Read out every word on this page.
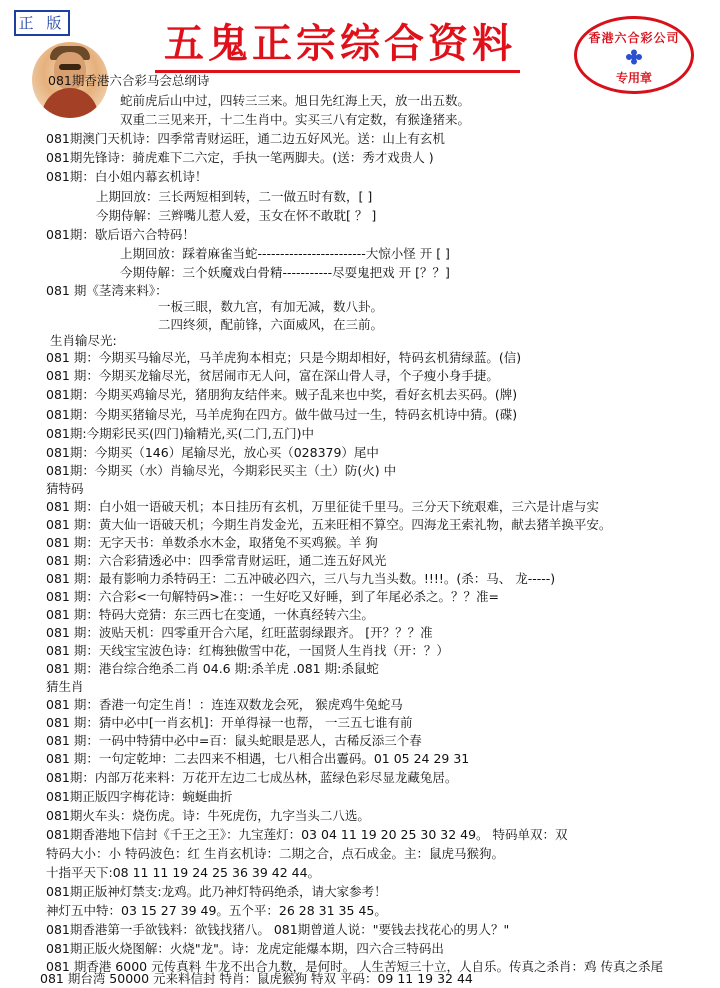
正 版	五鬼正宗综合资料	香港六合彩公司
专用章
081期香港六合彩马会总纲诗
蛇前虎后山中过，四转三三来。旭日先红海上天，放一出五数。
双重二三见来开，十二生肖中。实买三八有定数，有猴逢猪来。
081期澳门天机诗：四季常青财运旺，通二边五好风光。送：山上有玄机
081期先锋诗：骑虎难下二六定，手执一笔两脚夫。(送：秀才戏贵人 )
081期：白小姐内幕玄机诗！
上期回放：三长两短相到转，二一做五时有数，[ ]
今期侍解：三辫嘴儿惹人爱，玉女在怀不敢耽[ ？ ]
081期：歇后语六合特码！
上期回放：踩着麻雀当蛇------------------------大惊小怪 开 [ ]
今期侍解：三个妖魔戏白骨精-----------尽耍鬼把戏 开 [？？]
081 期《茎湾来料》：
一板三眼，数九宫，有加无减，数八卦。
二四终须，配前锋，六面威风，在三前。
生肖输尽光:
081 期：今期买马输尽光，马羊虎狗本相克；只是今期却相好，特码玄机猜绿蓝。(信)
081 期：今期买龙输尽光，贫居闹市无人问，富在深山骨人寻，个子瘦小身手捷。
081期：今期买鸡输尽光，猪朋狗友结伴来。贼子乱来也中奖，看好玄机去买码。(牌)
081期：今期买猪输尽光，马羊虎狗在四方。做牛做马过一生，特码玄机诗中猜。(碟)
081期:今期彩民买(四门)输精光,买(二门,五门)中
081期：今期买（146）尾输尽光，放心买（028379）尾中
081期：今期买（水）肖输尽光，今期彩民买主（土）防(火) 中
猜特码
081 期：白小姐一语破天机；本日挂历有玄机，万里征徒千里马。三分天下统艰难，三六是计虐与实
081 期：黄大仙一语破天机；今期生肖发金光，五来旺相不算空。四海龙王索礼物，献去猪羊换平安。
081 期：无字天书：单数杀水木金，取猪兔不买鸡猴。羊 狗
081 期：六合彩猜透必中：四季常青财运旺，通二连五好风光
081 期：最有影响力杀特码王：二五冲破必四六，三八与九当头数。!!!!。(杀：马、 龙-----)
081 期：六合彩<一句解特码>准：：一生好吃又好睡，到了年尾必杀之。？？准=
081 期：特码大竞猜：东三西七在变通，一休真经转六尘。
081 期：波贴天机：四零重开合六尾，红旺蓝弱绿跟齐。 [开？？？准
081 期：天线宝宝波色诗：红梅独傲雪中花，一国贤人生肖找（开：？）
081 期：港台综合绝杀二肖 04.6 期:杀羊虎 .081 期:杀鼠蛇
猜生肖
081 期：香港一句定生肖！：连连双数龙会死， 猴虎鸡牛兔蛇马
081 期：猜中必中[一肖玄机]：开单得禄一也帮， 一三五七谁有前
081 期：一码中特猜中必中=百：鼠头蛇眼是恶人，古稀反添三个春
081 期：一句定乾坤：二去四来不相遇，七八相合出霻码。01 05 24 29 31
081期：内部万花来料：万花开左边二七成丛林，蓝绿色彩尽显龙藏兔居。
081期正版四字梅花诗：蜿蜒曲折
081期火车头：烧伤虎。诗：牛死虎伤，九字当头二八选。
081期香港地下信封《千王之王》：九宝莲灯：03 04 11 19 20 25 30 32 49。 特码单双：双
特码大小：小 特码波色：红 生肖玄机诗：二期之合，点石成金。主：鼠虎马猴狗。
十指平天下:08 11 11 19 24 25 36 39 42 44。
081期正版神灯禁支:龙鸡。此乃神灯特码绝杀，请大家参考！
神灯五中特：03 15 27 39 49。五个平：26 28 31 35 45。
081期香港第一手欲钱料：欲钱找猪八。 081期曾道人说："要钱去找花心的男人？"
081期正版火烧图解：火烧"龙"。诗：龙虎定能爆本期，四六合三特码出
081 期香港 6000 元传真料 牛龙不出合九数，是何时。 人生苦短三十立，人自乐。传真之杀肖：鸡 传真之杀尾
081 期台湾 50000 元来料信封 特肖：鼠虎猴狗 特双 平码：09 11 19 32 44
